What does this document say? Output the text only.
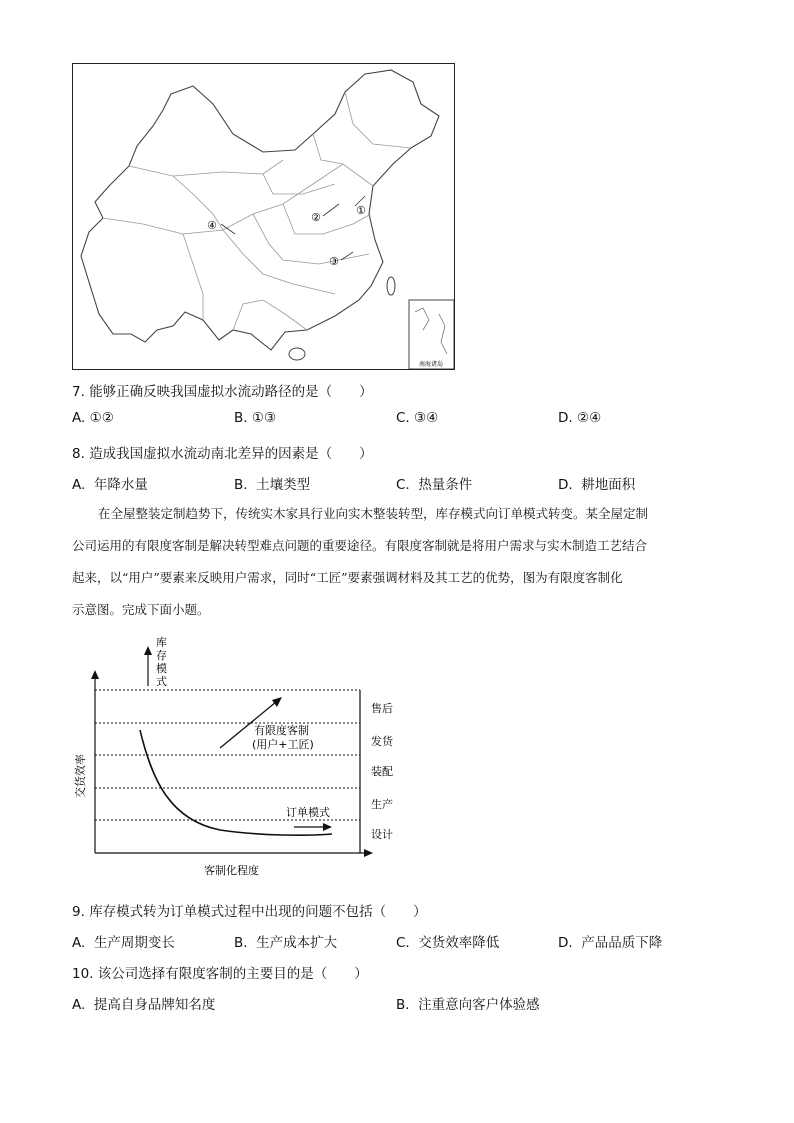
①
②
③
④
南海诸岛
7. 能够正确反映我国虚拟水流动路径的是（　　）
A. ①②	B. ①③	C. ③④	D. ②④
8. 造成我国虚拟水流动南北差异的因素是（　　）
A. 年降水量	B. 土壤类型	C. 热量条件	D. 耕地面积
在全屋整装定制趋势下，传统实木家具行业向实木整装转型，库存模式向订单模式转变。某全屋定制
公司运用的有限度客制是解决转型难点问题的重要途径。有限度客制就是将用户需求与实木制造工艺结合
起来，以“用户”要素来反映用户需求，同时“工匠”要素强调材料及其工艺的优势，图为有限度客制化
示意图。完成下面小题。
库存模式
有限度客制
(用户+工匠)
订单模式
交货效率
售后
发货
装配
生产
设计
客制化程度
9. 库存模式转为订单模式过程中出现的问题不包括（　　）
A. 生产周期变长	B. 生产成本扩大	C. 交货效率降低	D. 产品品质下降
10. 该公司选择有限度客制的主要目的是（　　）
A. 提高自身品牌知名度	B. 注重意向客户体验感
